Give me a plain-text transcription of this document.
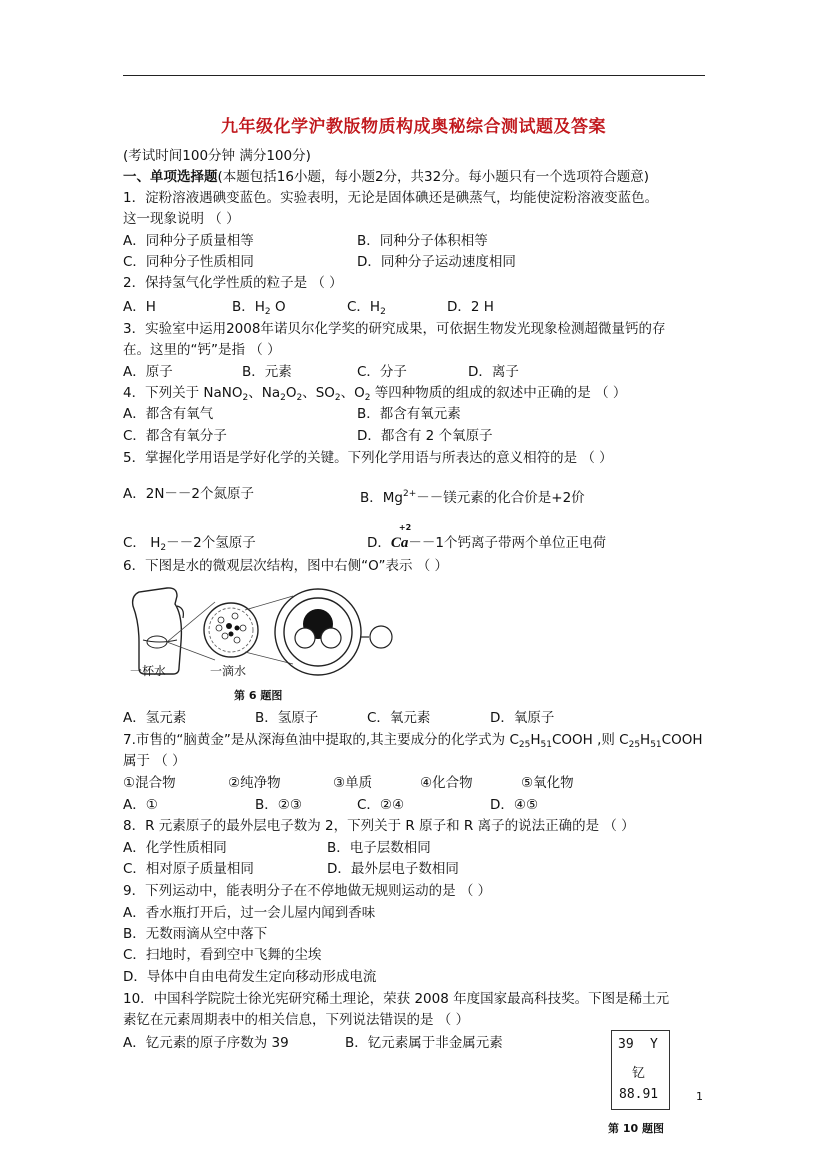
九年级化学沪教版物质构成奥秘综合测试题及答案
(考试时间100分钟 满分100分)
一、单项选择题(本题包括16小题，每小题2分，共32分。每小题只有一个选项符合题意)
1．淀粉溶液遇碘变蓝色。实验表明，无论是固体碘还是碘蒸气，均能使淀粉溶液变蓝色。
这一现象说明 （ ）
A．同种分子质量相等	B．同种分子体积相等
C．同种分子性质相同	D．同种分子运动速度相同
2．保持氢气化学性质的粒子是 （ ）
A．H	B．$H_2$ O	C．$H_2$	D．2 H
3．实验室中运用2008年诺贝尔化学奖的研究成果，可依据生物发光现象检测超微量钙的存
在。这里的“钙”是指 （ ）
A．原子	B．元素	C．分子	D．离子
4．下列关于 NaNO$_2$、$Na_2O_2$、$SO_2$、$O_2$ 等四种物质的组成的叙述中正确的是 （ ）
A．都含有氧气	B．都含有氧元素
C．都含有氧分子	D．都含有 2 个氧原子
5．掌握化学用语是学好化学的关键。下列化学用语与所表达的意义相符的是 （ ）
A．2N－－2个氮原子	B．$Mg^{2+}--$镁元素的化合价是+2价
C． $H_2--2$个氢原子	D．
+2
Ca－－1个钙离子带两个单位正电荷
6．下图是水的微观层次结构，图中右侧“O”表示 （ ）
一杯水	一滴水
第 6 题图
A．氢元素	B．氢原子	C．氧元素	D．氧原子
7.市售的“脑黄金”是从深海鱼油中提取的,其主要成分的化学式为 $C_{25}H_{51}COOH$ ,则 $C_{25}H_{51}COOH$
属于 （ ）
①混合物	②纯净物	③单质	④化合物	⑤氧化物
A．①	B．②③	C．②④	D．④⑤
8．R 元素原子的最外层电子数为 2，下列关于 R 原子和 R 离子的说法正确的是 （ ）
A．化学性质相同	B．电子层数相同
C．相对原子质量相同	D．最外层电子数相同
9．下列运动中，能表明分子在不停地做无规则运动的是 （ ）
A．香水瓶打开后，过一会儿屋内闻到香味
B．无数雨滴从空中落下
C．扫地时，看到空中飞舞的尘埃
D．导体中自由电荷发生定向移动形成电流
10．中国科学院院士徐光宪研究稀土理论，荣获 2008 年度国家最高科技奖。下图是稀土元
素钇在元素周期表中的相关信息，下列说法错误的是 （ ）
A．钇元素的原子序数为 39	B．钇元素属于非金属元素	39 Y
钇
88.91
第 10 题图
1
